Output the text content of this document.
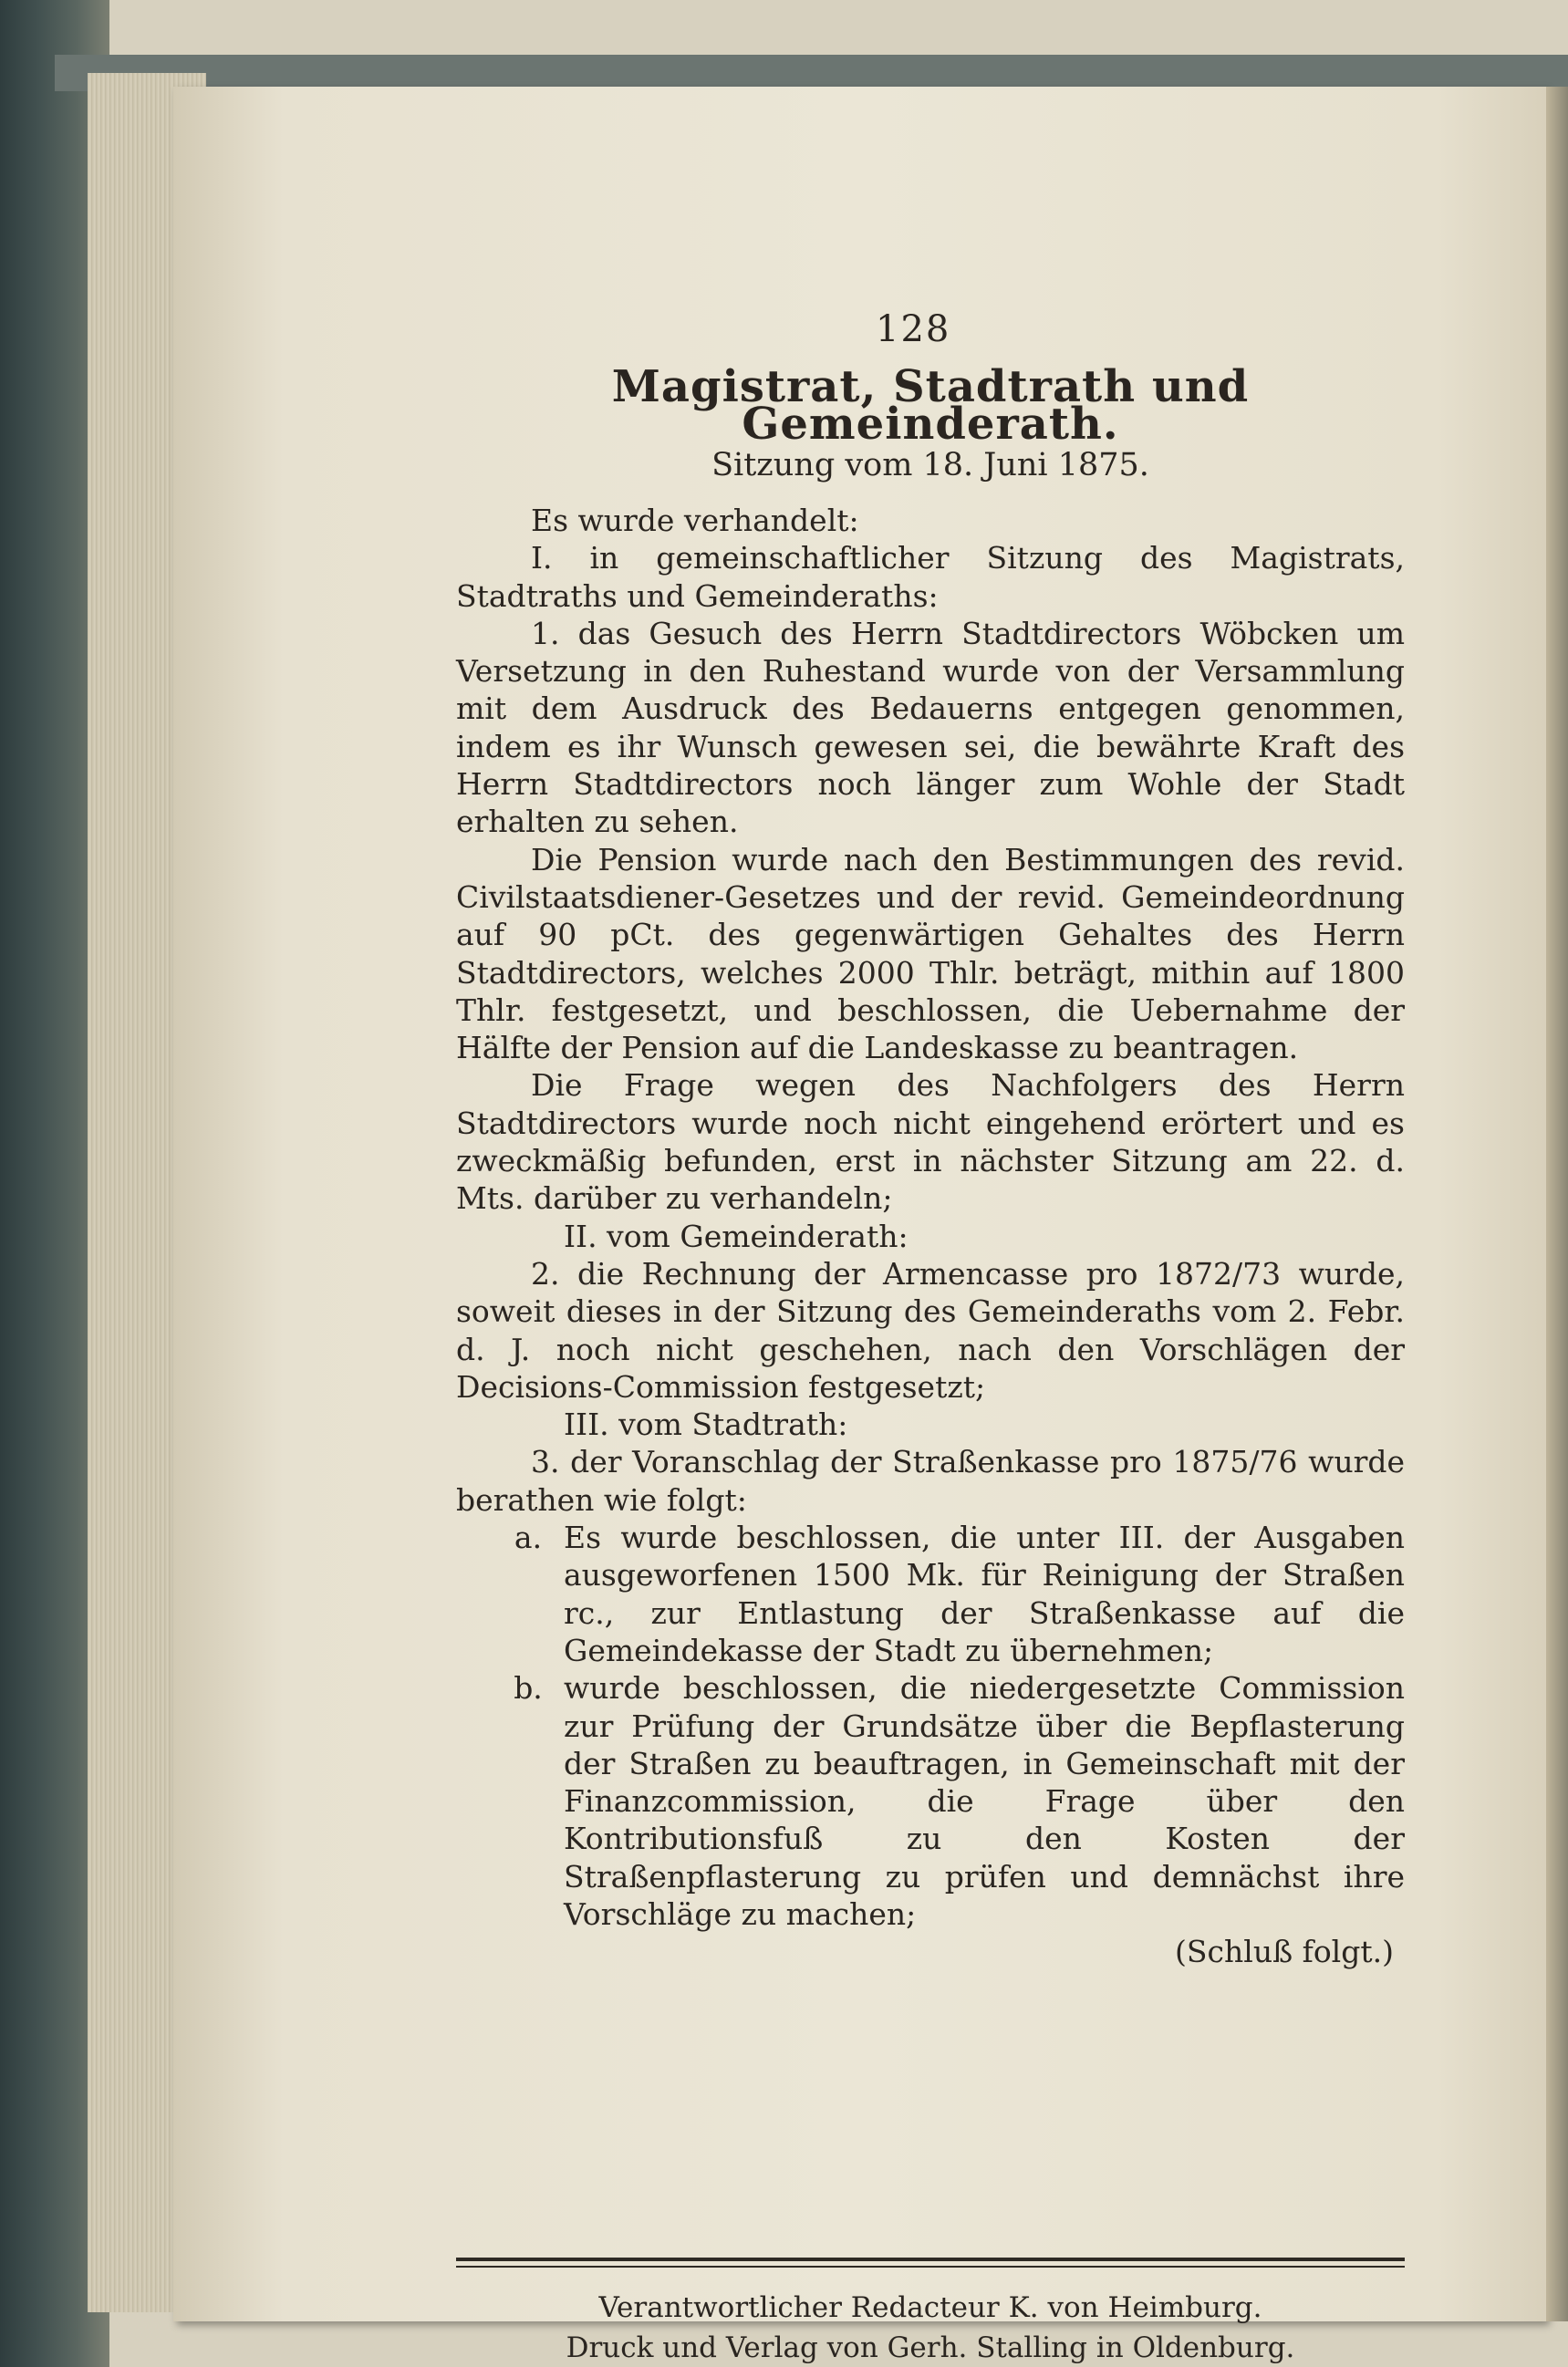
128
Magistrat, Stadtrath und Gemeinderath.
Sitzung vom 18. Juni 1875.

Es wurde verhandelt:

I. in gemeinschaftlicher Sitzung des Magistrats, Stadtraths und Gemeinderaths:

1. das Gesuch des Herrn Stadtdirectors Wöbcken um Versetzung in den Ruhestand wurde von der Versammlung mit dem Ausdruck des Bedauerns entgegen genommen, indem es ihr Wunsch gewesen sei, die bewährte Kraft des Herrn Stadtdirectors noch länger zum Wohle der Stadt erhalten zu sehen.

Die Pension wurde nach den Bestimmungen des revid. Civilstaatsdiener-Gesetzes und der revid. Gemeindeordnung auf 90 pCt. des gegenwärtigen Gehaltes des Herrn Stadtdirectors, welches 2000 Thlr. beträgt, mithin auf 1800 Thlr. festgesetzt, und beschlossen, die Uebernahme der Hälfte der Pension auf die Landeskasse zu beantragen.

Die Frage wegen des Nachfolgers des Herrn Stadtdirectors wurde noch nicht eingehend erörtert und es zweckmäßig befunden, erst in nächster Sitzung am 22. d. Mts. darüber zu verhandeln;

II. vom Gemeinderath:

2. die Rechnung der Armencasse pro 1872/73 wurde, soweit dieses in der Sitzung des Gemeinderaths vom 2. Febr. d. J. noch nicht geschehen, nach den Vorschlägen der Decisions-Commission festgesetzt;

III. vom Stadtrath:

3. der Voranschlag der Straßenkasse pro 1875/76 wurde berathen wie folgt:

a. Es wurde beschlossen, die unter III. der Ausgaben ausgeworfenen 1500 Mk. für Reinigung der Straßen rc., zur Entlastung der Straßenkasse auf die Gemeindekasse der Stadt zu übernehmen;
b. wurde beschlossen, die niedergesetzte Commission zur Prüfung der Grundsätze über die Bepflasterung der Straßen zu beauftragen, in Gemeinschaft mit der Finanzcommission, die Frage über den Kontributionsfuß zu den Kosten der Straßenpflasterung zu prüfen und demnächst ihre Vorschläge zu machen;

(Schluß folgt.)

Verantwortlicher Redacteur K. von Heimburg.
Druck und Verlag von Gerh. Stalling in Oldenburg.
